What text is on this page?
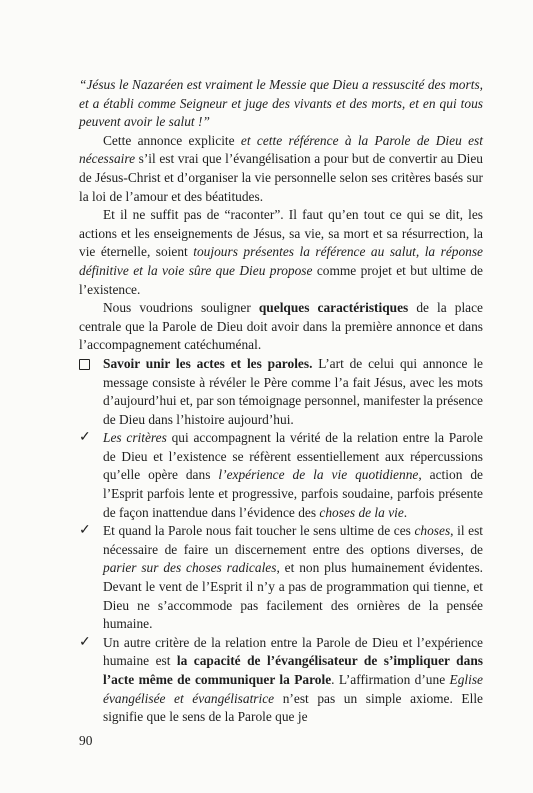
“Jésus le Nazaréen est vraiment le Messie que Dieu a ressuscité des morts, et a établi comme Seigneur et juge des vivants et des morts, et en qui tous peuvent avoir le salut !”

Cette annonce explicite et cette référence à la Parole de Dieu est nécessaire s’il est vrai que l’évangélisation a pour but de convertir au Dieu de Jésus-Christ et d’organiser la vie personnelle selon ses critères basés sur la loi de l’amour et des béatitudes.

Et il ne suffit pas de “raconter”. Il faut qu’en tout ce qui se dit, les actions et les enseignements de Jésus, sa vie, sa mort et sa résurrection, la vie éternelle, soient toujours présentes la référence au salut, la réponse définitive et la voie sûre que Dieu propose comme projet et but ultime de l’existence.

Nous voudrions souligner quelques caractéristiques de la place centrale que la Parole de Dieu doit avoir dans la première annonce et dans l’accompagnement catéchuménal.

Savoir unir les actes et les paroles. L’art de celui qui annonce le message consiste à révéler le Père comme l’a fait Jésus, avec les mots d’aujourd’hui et, par son témoignage personnel, manifester la présence de Dieu dans l’histoire aujourd’hui.

✓ Les critères qui accompagnent la vérité de la relation entre la Parole de Dieu et l’existence se réfèrent essentiellement aux répercussions qu’elle opère dans l’expérience de la vie quotidienne, action de l’Esprit parfois lente et progressive, parfois soudaine, parfois présente de façon inattendue dans l’évidence des choses de la vie.

✓ Et quand la Parole nous fait toucher le sens ultime de ces choses, il est nécessaire de faire un discernement entre des options diverses, de parier sur des choses radicales, et non plus humainement évidentes. Devant le vent de l’Esprit il n’y a pas de programmation qui tienne, et Dieu ne s’accommode pas facilement des ornières de la pensée humaine.

✓ Un autre critère de la relation entre la Parole de Dieu et l’expérience humaine est la capacité de l’évangélisateur de s’impliquer dans l’acte même de communiquer la Parole. L’affirmation d’une Eglise évangélisée et évangélisatrice n’est pas un simple axiome. Elle signifie que le sens de la Parole que je

90
